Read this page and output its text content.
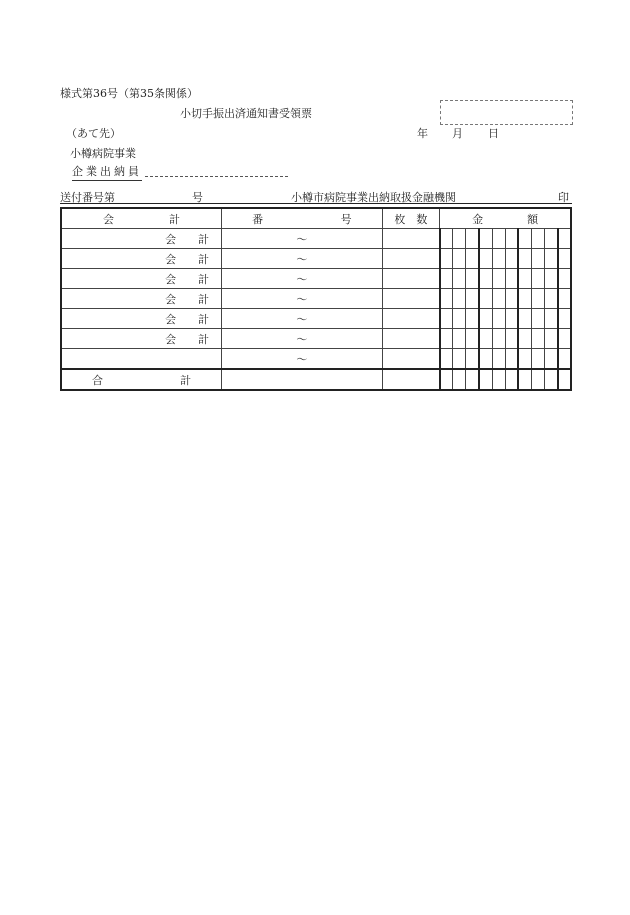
様式第36号（第35条関係）
小切手振出済通知書受領票
（あて先）	年 月 日
小樽病院事業
企業出納員
送付番号第	号	小樽市病院事業出納取扱金融機関	印
会　　　　　計	番 号	枚　数	金　　　　額									
会　　計	～											
会　　計	～											
会　　計	～											
会　　計	～											
会　　計	～											
会　　計	～											
	～											

合 計												
